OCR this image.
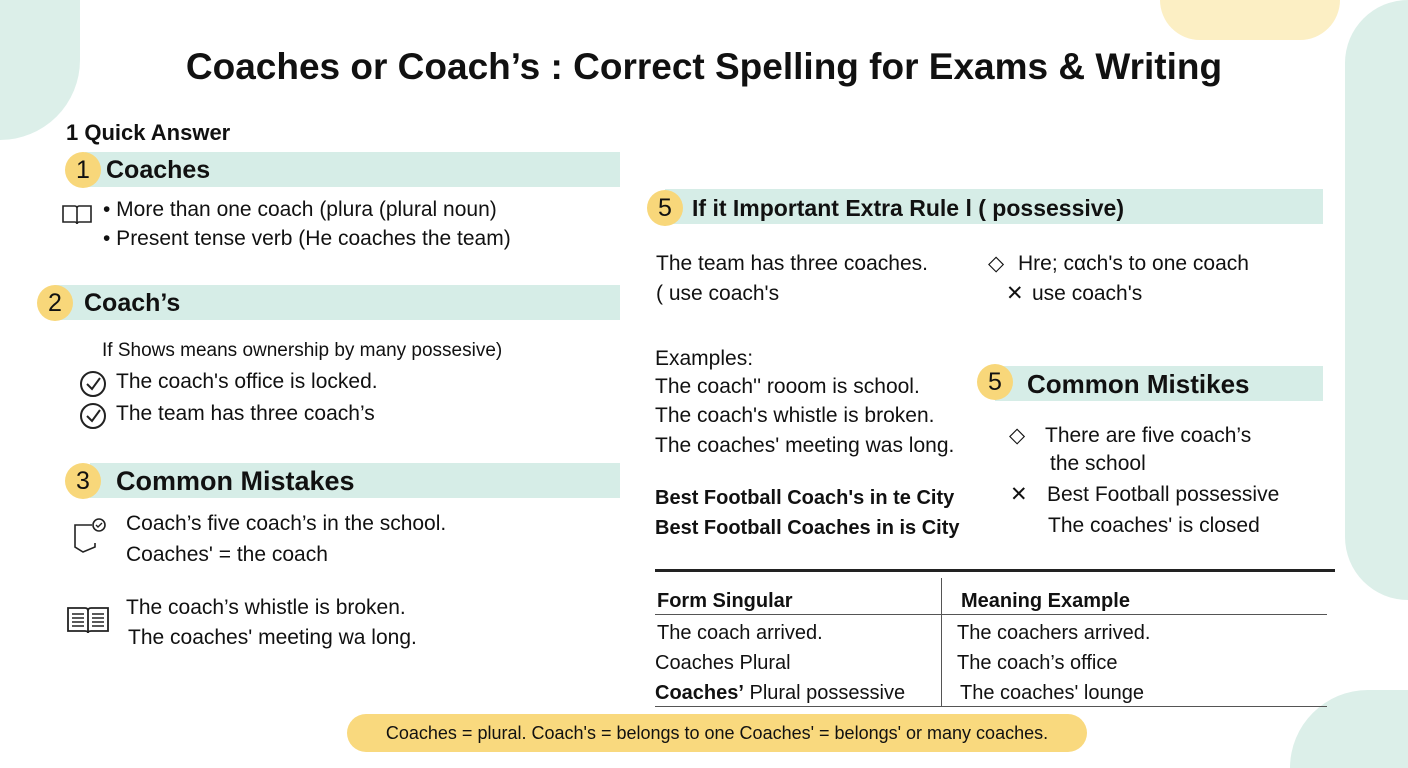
Coaches or Coach’s : Correct Spelling for Exams & Writing
1 Quick Answer
1 Coaches
• More than one coach (plura (plural noun)
• Present tense verb (He coaches the team)
2 Coach’s
If Shows means ownership by many possesive)
The coach's office is locked.
The team has three coach’s
3 Common Mistakes
Coach’s five coach’s in the school.
Coaches' = the coach
The coach’s whistle is broken.
The coaches' meeting wa long.
5 If it Important Extra Rule l ( possessive)
The team has three coaches.
( use coach's
◇ Hre; cαch's to one coach
✕ use coach's
Examples:
The coach'' rooom is school.
The coach's whistle is broken.
The coaches' meeting was long.
Best Football Coach's in te City
Best Football Coaches in is City
5 Common Mistikes
◇ There are five coach’s
the school
✕ Best Football possessive
The coaches' is closed
Form Singular	Meaning Example
The coach arrived.	The coachers arrived.
Coaches Plural	The coach’s office
Coaches’ Plural possessive	The coaches' lounge
Coaches = plural. Coach's = belongs to one Coaches' = belongs' or many coaches.
